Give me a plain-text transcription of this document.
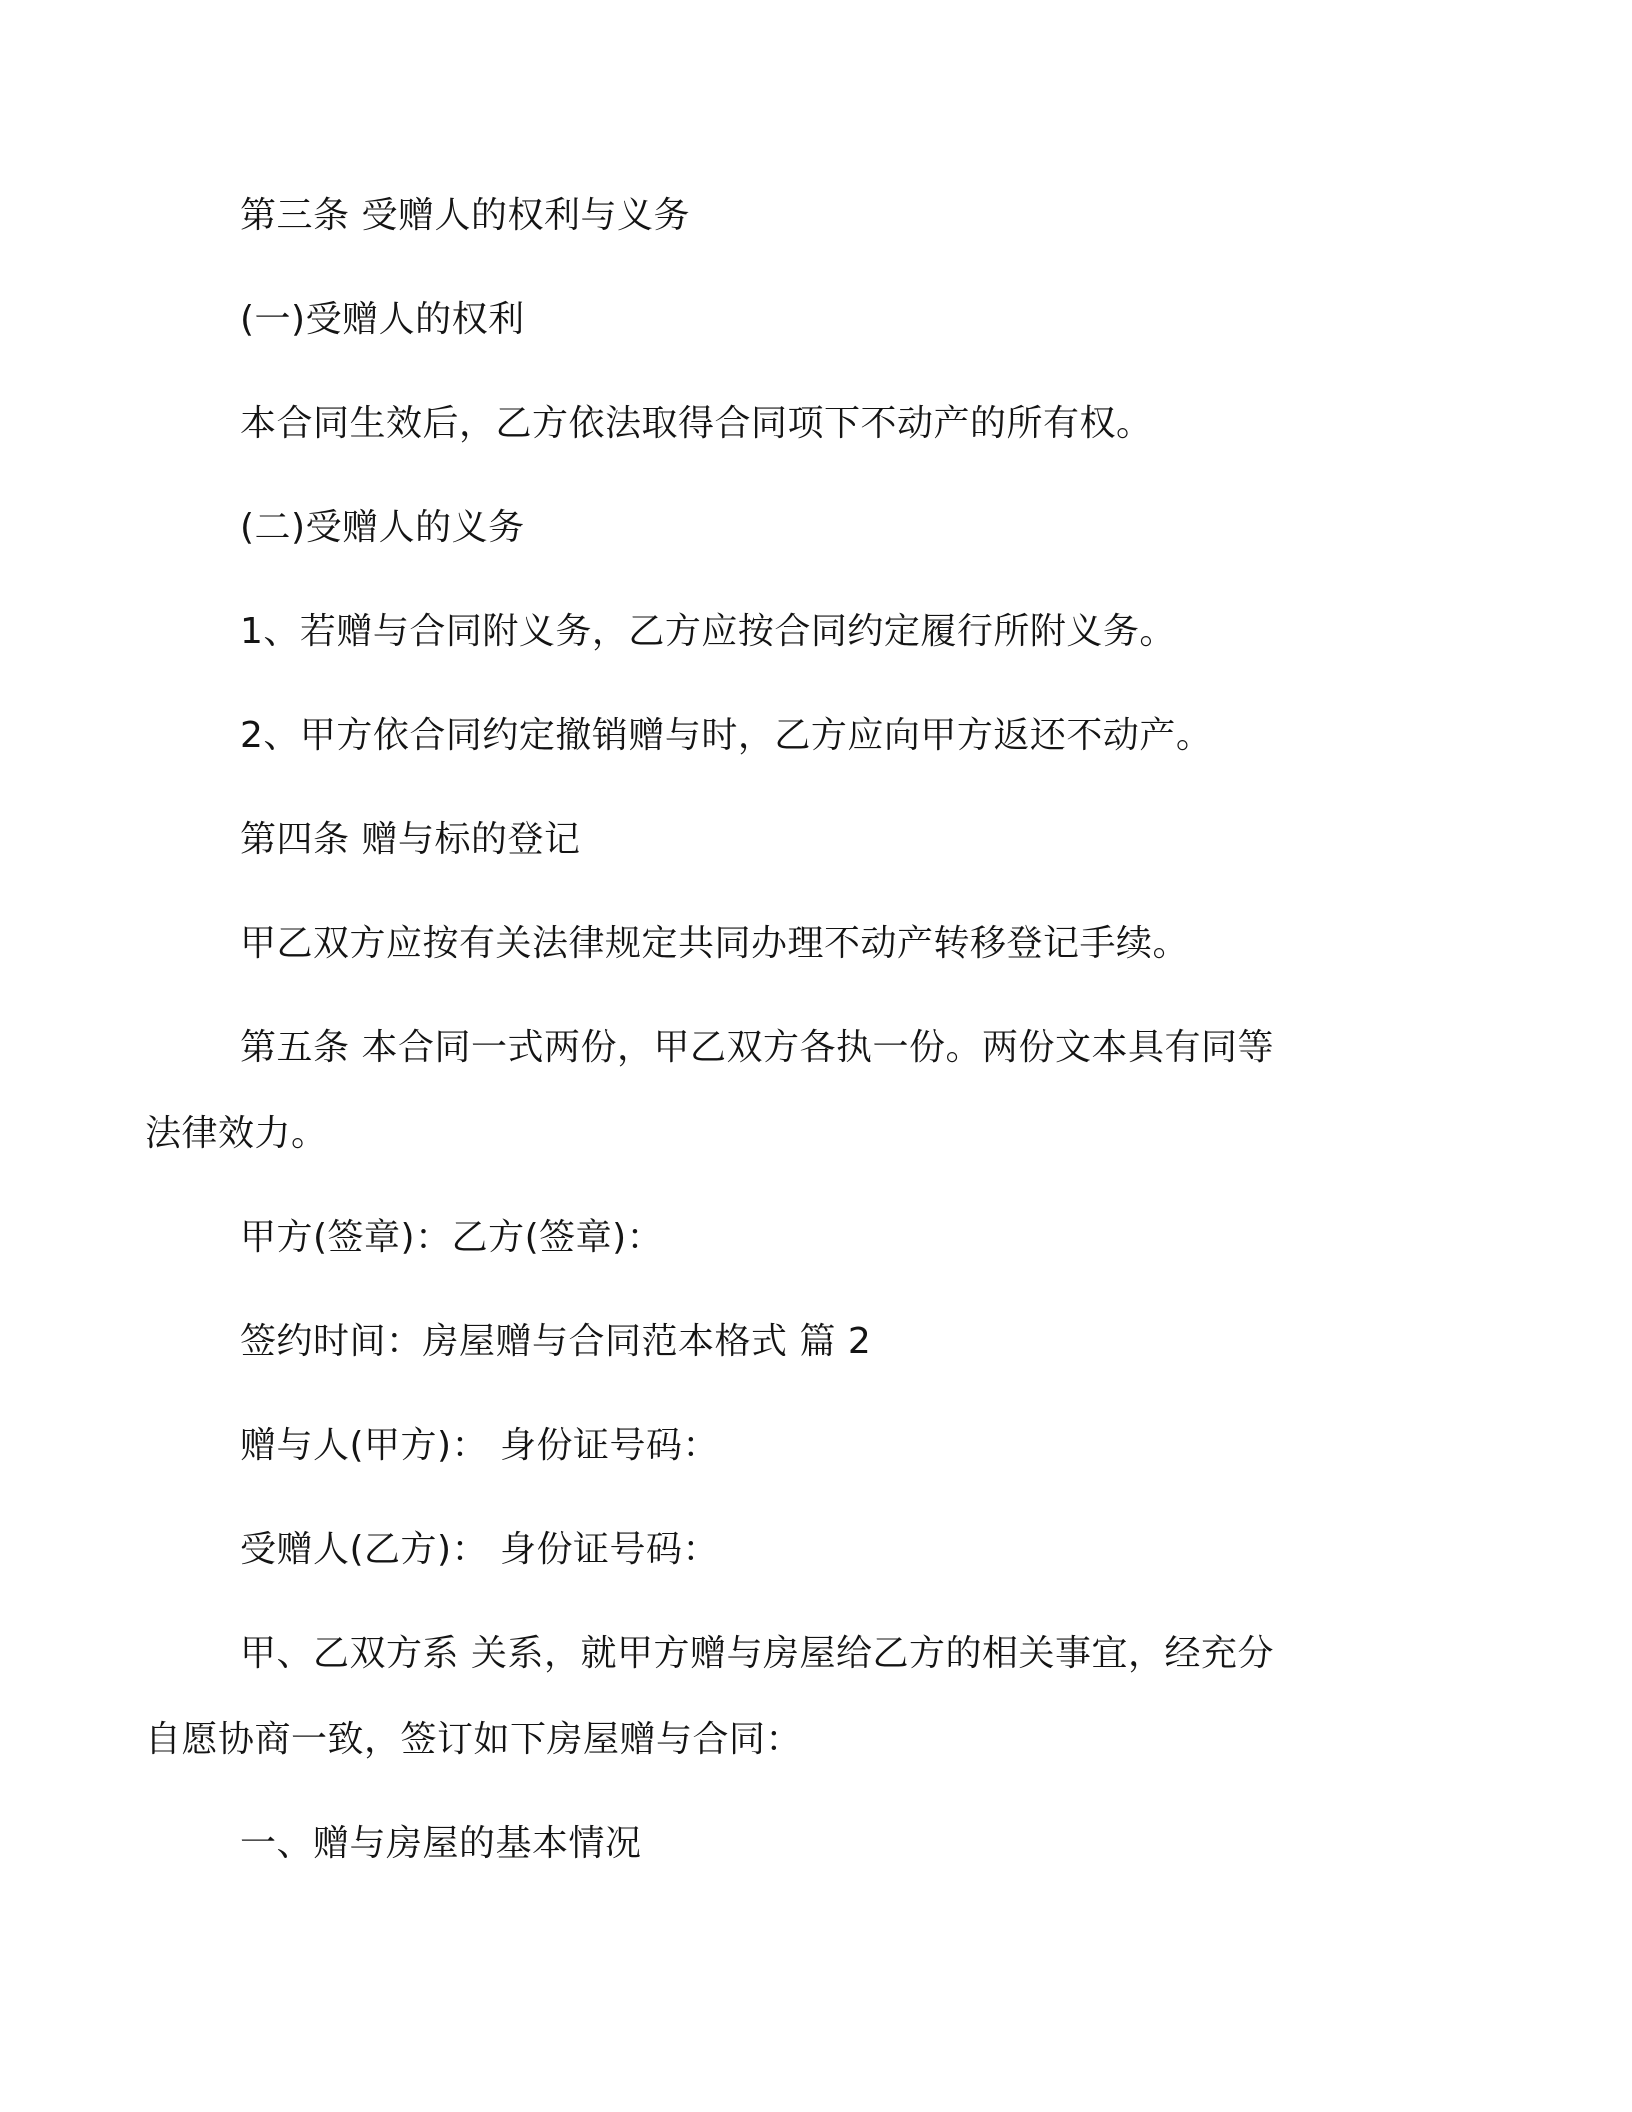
第三条 受赠人的权利与义务

(一)受赠人的权利

本合同生效后，乙方依法取得合同项下不动产的所有权。

(二)受赠人的义务

1、若赠与合同附义务，乙方应按合同约定履行所附义务。

2、甲方依合同约定撤销赠与时，乙方应向甲方返还不动产。

第四条 赠与标的登记

甲乙双方应按有关法律规定共同办理不动产转移登记手续。

第五条 本合同一式两份，甲乙双方各执一份。两份文本具有同等

法律效力。

甲方(签章)：乙方(签章)：

签约时间：房屋赠与合同范本格式 篇 2

赠与人(甲方)： 身份证号码：

受赠人(乙方)： 身份证号码：

甲、乙双方系 关系，就甲方赠与房屋给乙方的相关事宜，经充分

自愿协商一致，签订如下房屋赠与合同：

一、赠与房屋的基本情况
